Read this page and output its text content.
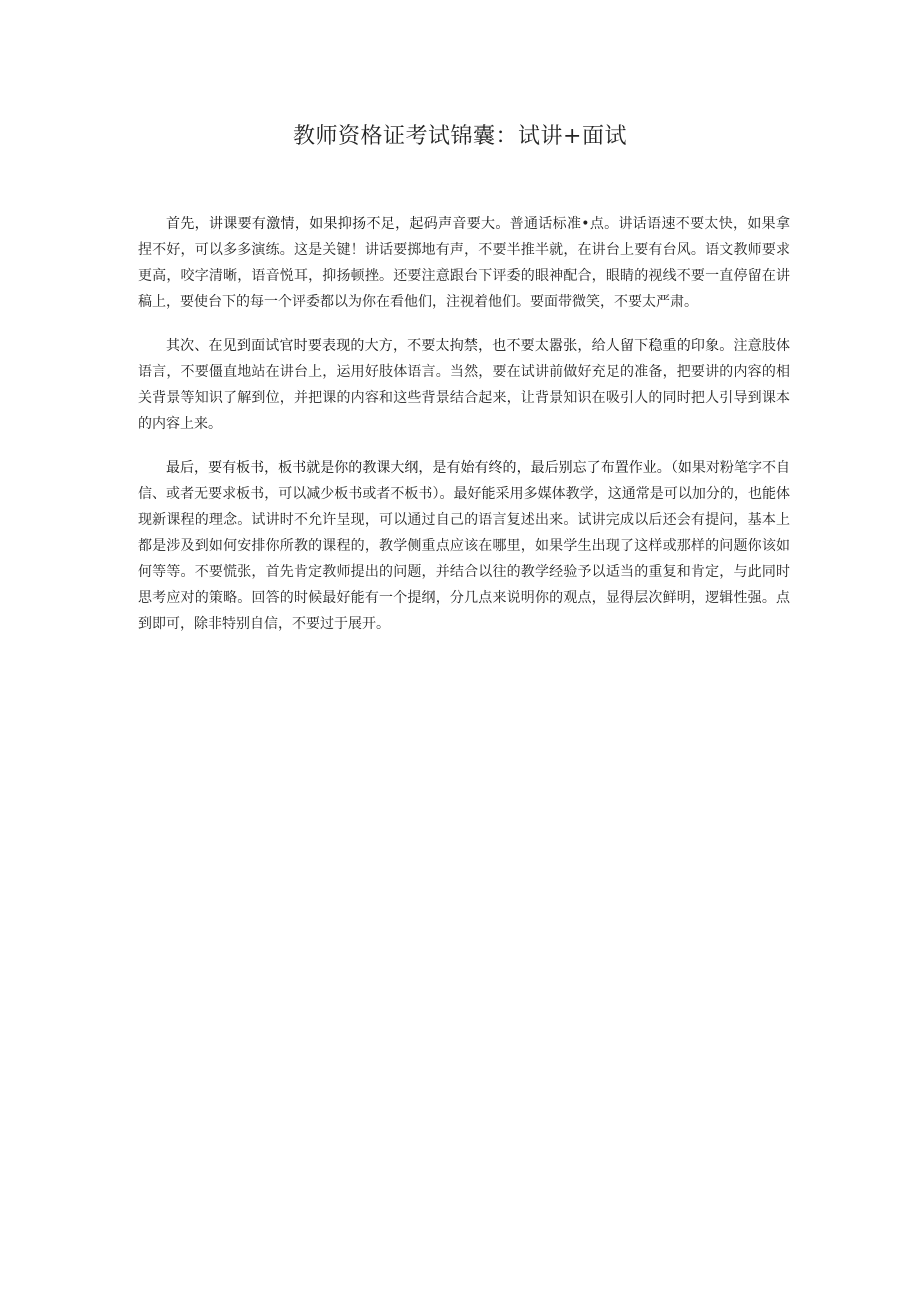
教师资格证考试锦囊：试讲+面试

首先，讲课要有激情，如果抑扬不足，起码声音要大。普通话标准•点。讲话语速不要太快，如果拿捏不好，可以多多演练。这是关键！讲话要掷地有声，不要半推半就，在讲台上要有台风。语文教师要求更高，咬字清晰，语音悦耳，抑扬顿挫。还要注意跟台下评委的眼神配合，眼睛的视线不要一直停留在讲稿上，要使台下的每一个评委都以为你在看他们，注视着他们。要面带微笑，不要太严肃。

其次、在见到面试官时要表现的大方，不要太拘禁，也不要太嚣张，给人留下稳重的印象。注意肢体语言，不要僵直地站在讲台上，运用好肢体语言。当然，要在试讲前做好充足的准备，把要讲的内容的相关背景等知识了解到位，并把课的内容和这些背景结合起来，让背景知识在吸引人的同时把人引导到课本的内容上来。

最后，要有板书，板书就是你的教课大纲，是有始有终的，最后别忘了布置作业。（如果对粉笔字不自信、或者无要求板书，可以减少板书或者不板书）。最好能采用多媒体教学，这通常是可以加分的，也能体现新课程的理念。试讲时不允许呈现，可以通过自己的语言复述出来。试讲完成以后还会有提问，基本上都是涉及到如何安排你所教的课程的，教学侧重点应该在哪里，如果学生出现了这样或那样的问题你该如何等等。不要慌张，首先肯定教师提出的问题，并结合以往的教学经验予以适当的重复和肯定，与此同时思考应对的策略。回答的时候最好能有一个提纲，分几点来说明你的观点，显得层次鲜明，逻辑性强。点到即可，除非特别自信，不要过于展开。
